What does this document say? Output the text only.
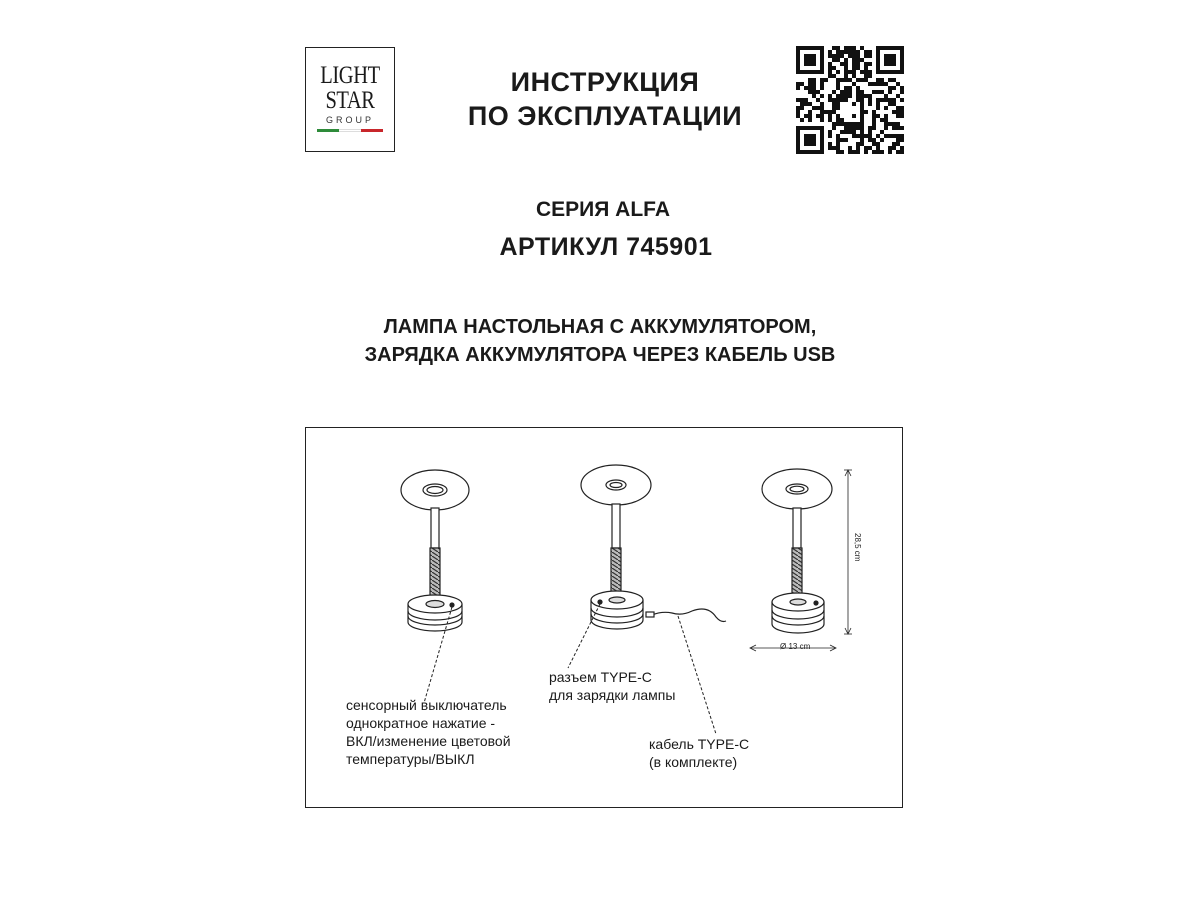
LIGHT
STAR
GROUP
ИНСТРУКЦИЯ
ПО ЭКСПЛУАТАЦИИ
СЕРИЯ ALFA
АРТИКУЛ 745901
ЛАМПА НАСТОЛЬНАЯ С АККУМУЛЯТОРОМ,
ЗАРЯДКА АККУМУЛЯТОРА ЧЕРЕЗ КАБЕЛЬ USB
28,5 cm
Ø 13 cm
сенсорный выключатель
однократное нажатие -
ВКЛ/изменение цветовой
температуры/ВЫКЛ
разъем TYPE-C
для зарядки лампы
кабель TYPE-C
(в комплекте)
